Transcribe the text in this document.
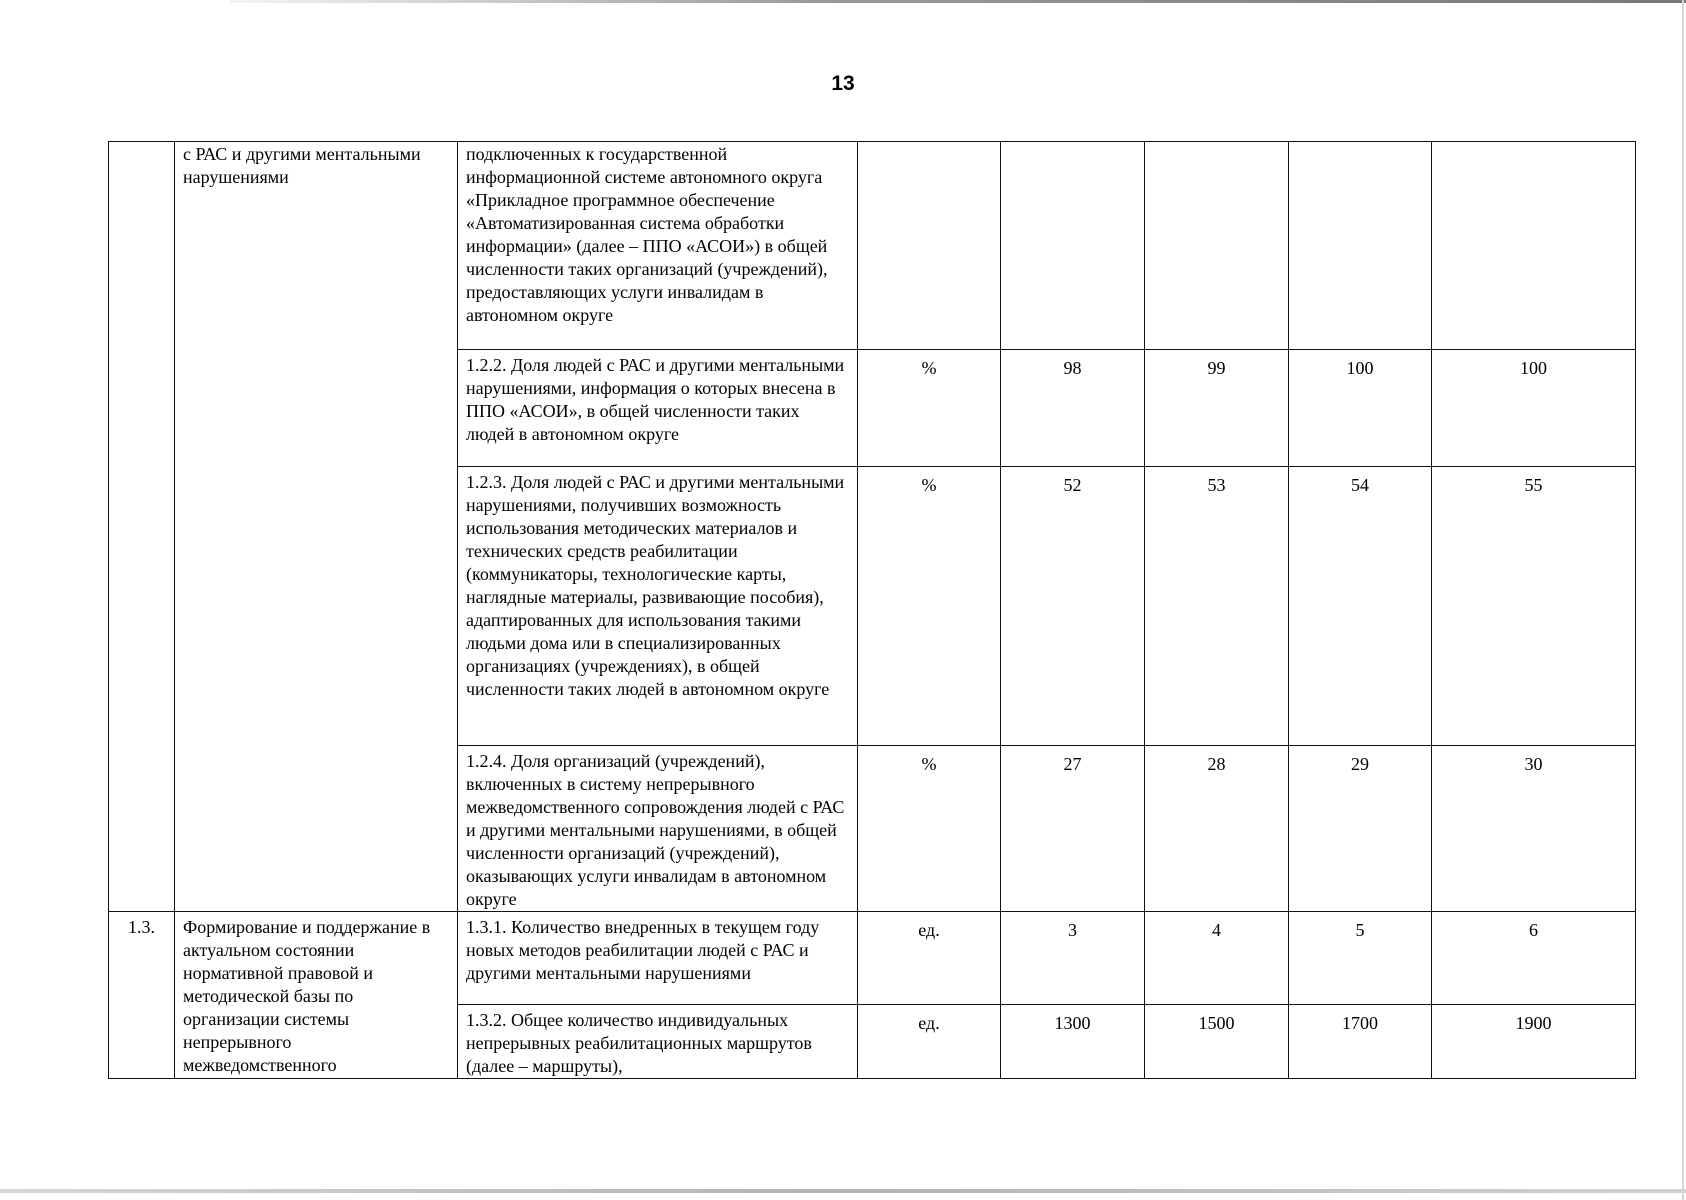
13
	с РАС и другими ментальными нарушениями	подключенных к государственной информационной системе автономного округа «Прикладное программное обеспечение «Автоматизированная система обработки информации» (далее – ППО «АСОИ») в общей численности таких организаций (учреждений), предоставляющих услуги инвалидам в автономном округе					
		1.2.2. Доля людей с РАС и другими ментальными нарушениями, информация о которых внесена в ППО «АСОИ», в общей численности таких людей в автономном округе	%	98	99	100	100
		1.2.3. Доля людей с РАС и другими ментальными нарушениями, получивших возможность использования методических материалов и технических средств реабилитации (коммуникаторы, технологические карты, наглядные материалы, развивающие пособия), адаптированных для использования такими людьми дома или в специализированных организациях (учреждениях), в общей численности таких людей в автономном округе	%	52	53	54	55
		1.2.4. Доля организаций (учреждений), включенных в систему непрерывного межведомственного сопровождения людей с РАС и другими ментальными нарушениями, в общей численности организаций (учреждений), оказывающих услуги инвалидам в автономном округе	%	27	28	29	30
1.3.	Формирование и поддержание в актуальном состоянии нормативной правовой и методической базы по организации системы непрерывного межведомственного	1.3.1. Количество внедренных в текущем году новых методов реабилитации людей с РАС и другими ментальными нарушениями	ед.	3	4	5	6
		1.3.2. Общее количество индивидуальных непрерывных реабилитационных маршрутов (далее – маршруты),	ед.	1300	1500	1700	1900
